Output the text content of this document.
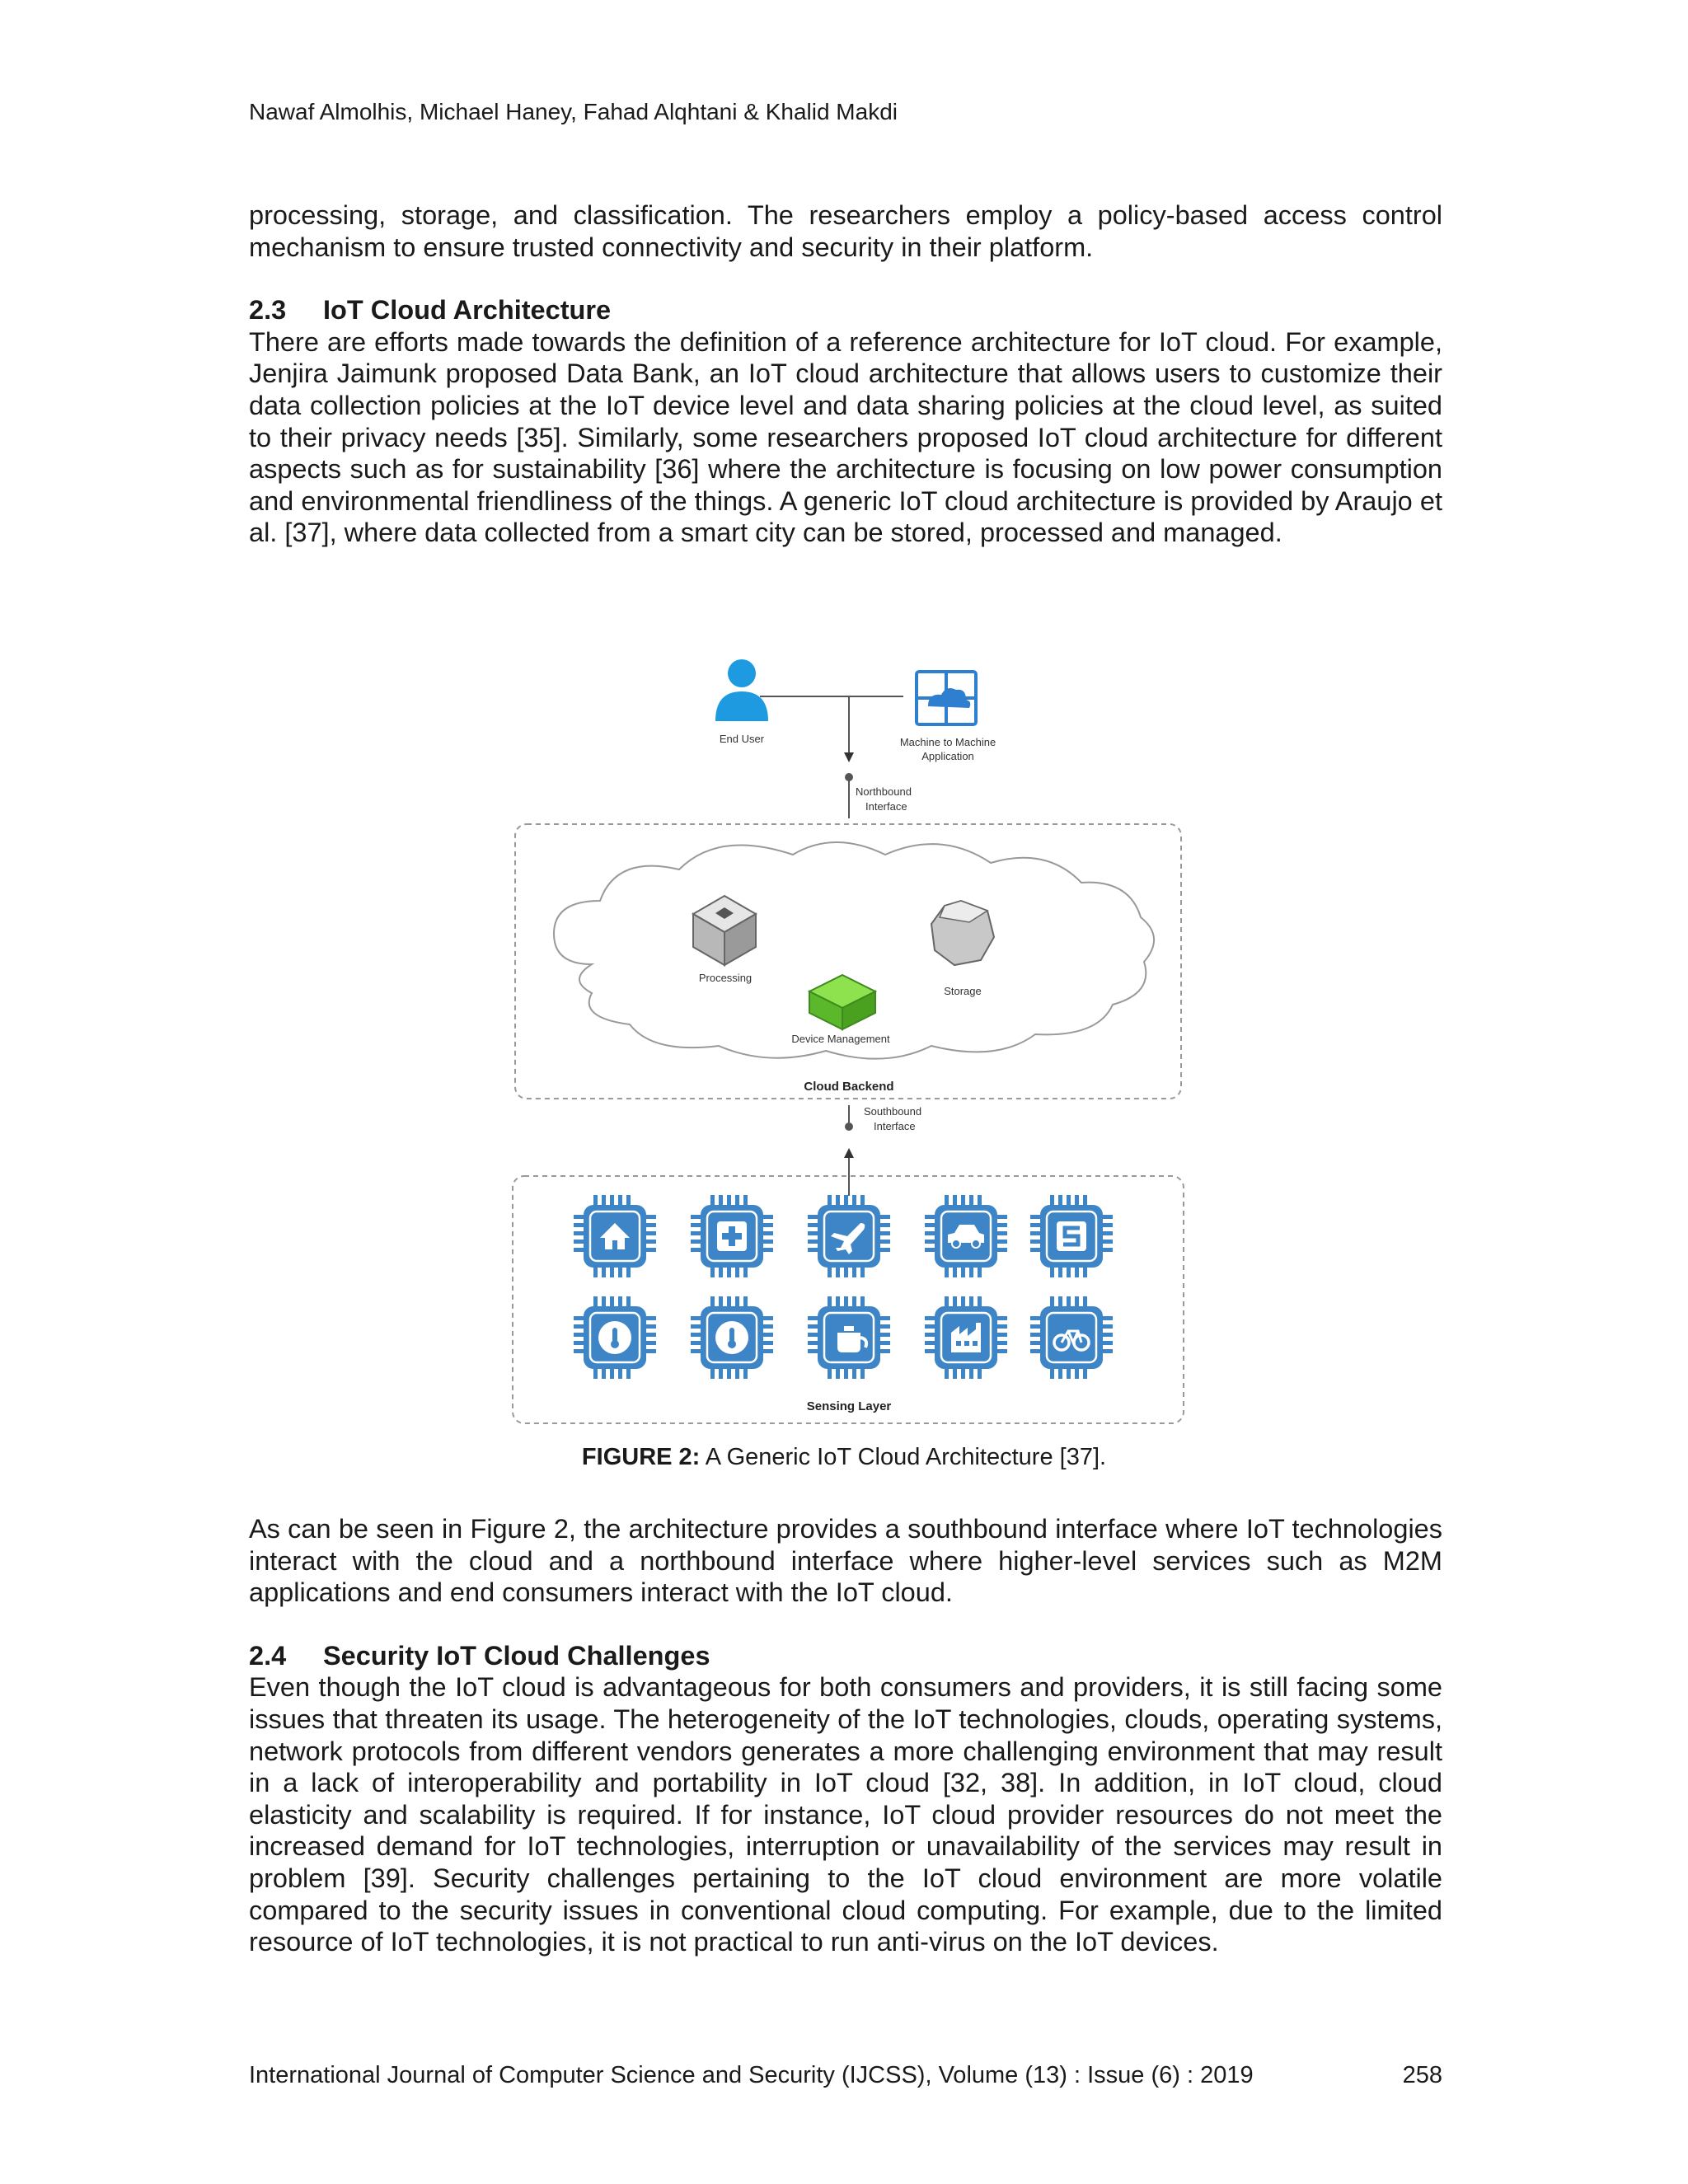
Nawaf Almolhis, Michael Haney, Fahad Alqhtani & Khalid Makdi

processing, storage, and classification. The researchers employ a policy-based access control mechanism to ensure trusted connectivity and security in their platform.

2.3 IoT Cloud Architecture

There are efforts made towards the definition of a reference architecture for IoT cloud. For example, Jenjira Jaimunk proposed Data Bank, an IoT cloud architecture that allows users to customize their data collection policies at the IoT device level and data sharing policies at the cloud level, as suited to their privacy needs [35]. Similarly, some researchers proposed IoT cloud architecture for different aspects such as for sustainability [36] where the architecture is focusing on low power consumption and environmental friendliness of the things. A generic IoT cloud architecture is provided by Araujo et al. [37], where data collected from a smart city can be stored, processed and managed.

End User	Machine to Machine
Application
Northbound
Interface
Processing
Storage
Device Management
Cloud Backend
Southbound
Interface
Sensing Layer
FIGURE 2: A Generic IoT Cloud Architecture [37].

As can be seen in Figure 2, the architecture provides a southbound interface where IoT technologies interact with the cloud and a northbound interface where higher-level services such as M2M applications and end consumers interact with the IoT cloud.

2.4 Security IoT Cloud Challenges

Even though the IoT cloud is advantageous for both consumers and providers, it is still facing some issues that threaten its usage. The heterogeneity of the IoT technologies, clouds, operating systems, network protocols from different vendors generates a more challenging environment that may result in a lack of interoperability and portability in IoT cloud [32, 38]. In addition, in IoT cloud, cloud elasticity and scalability is required. If for instance, IoT cloud provider resources do not meet the increased demand for IoT technologies, interruption or unavailability of the services may result in problem [39]. Security challenges pertaining to the IoT cloud environment are more volatile compared to the security issues in conventional cloud computing. For example, due to the limited resource of IoT technologies, it is not practical to run anti-virus on the IoT devices.

International Journal of Computer Science and Security (IJCSS), Volume (13) : Issue (6) : 2019	258
